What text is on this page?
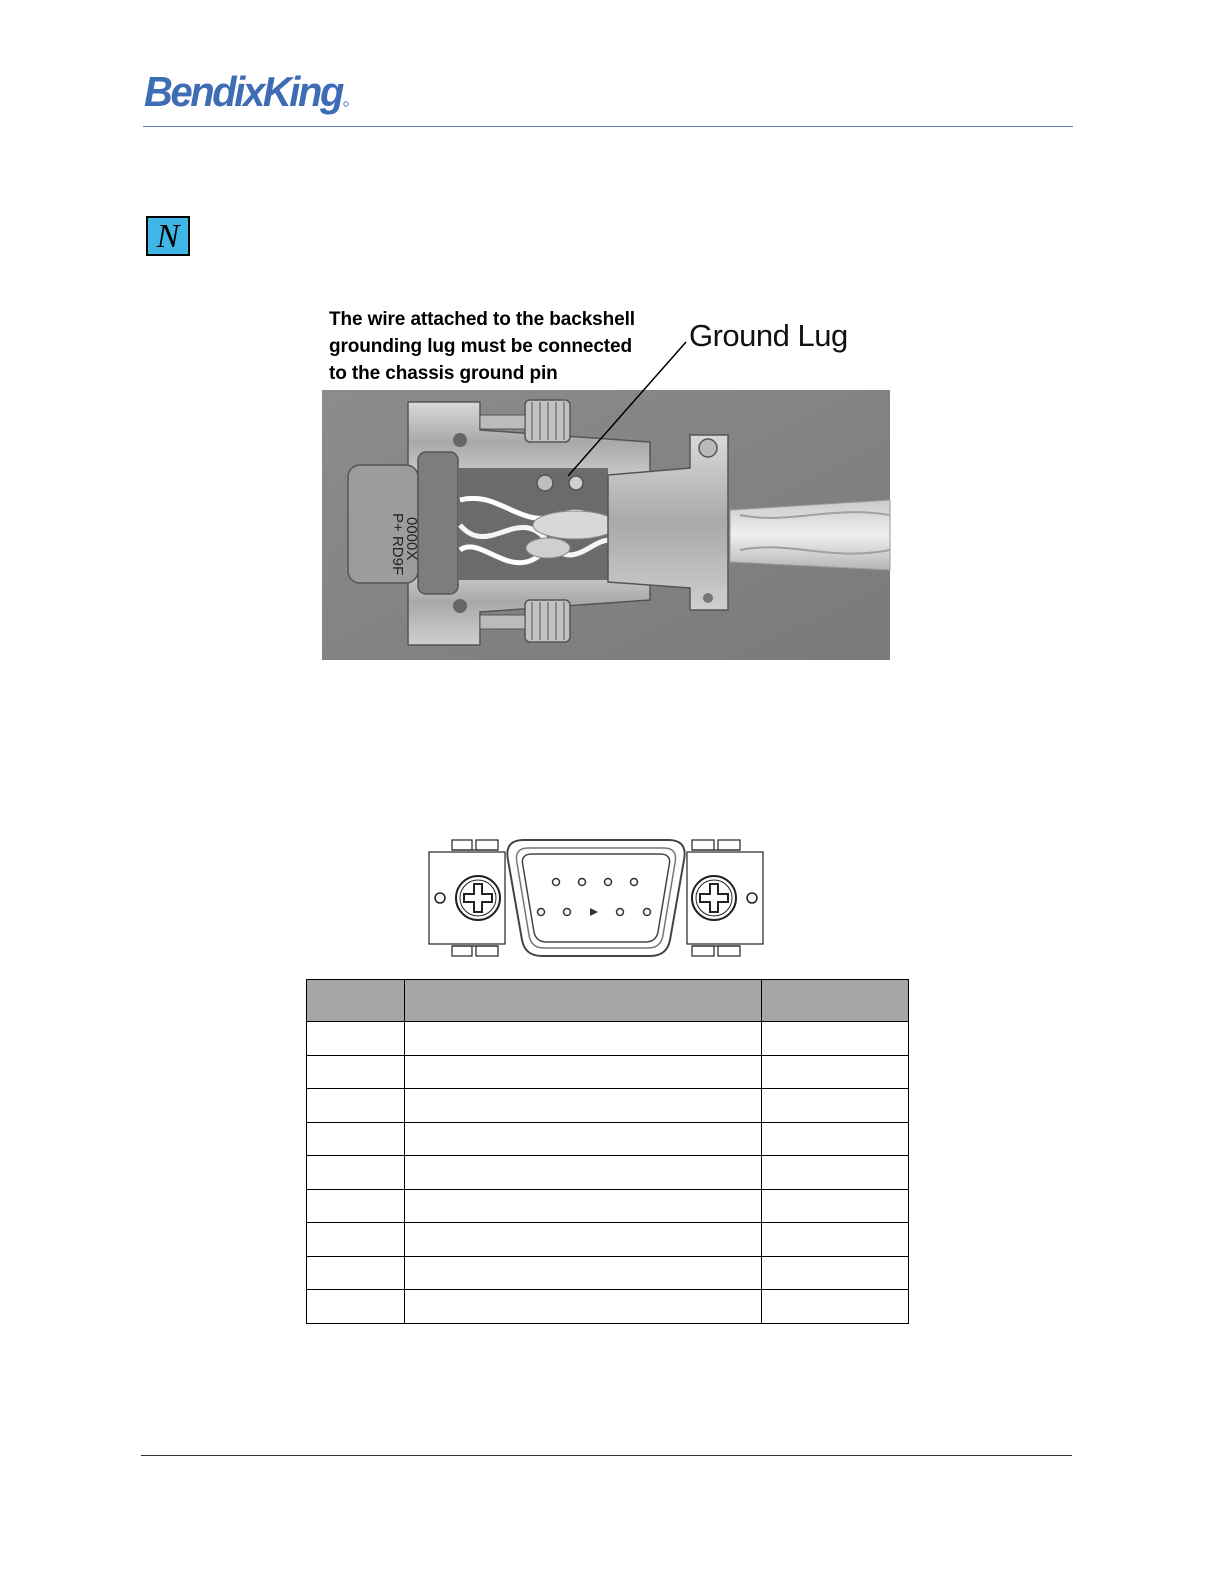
BendixKing
N
P+ RD9F
0000X
The wire attached to the backshell
grounding lug must be connected
to the chassis ground pin
Ground Lug
